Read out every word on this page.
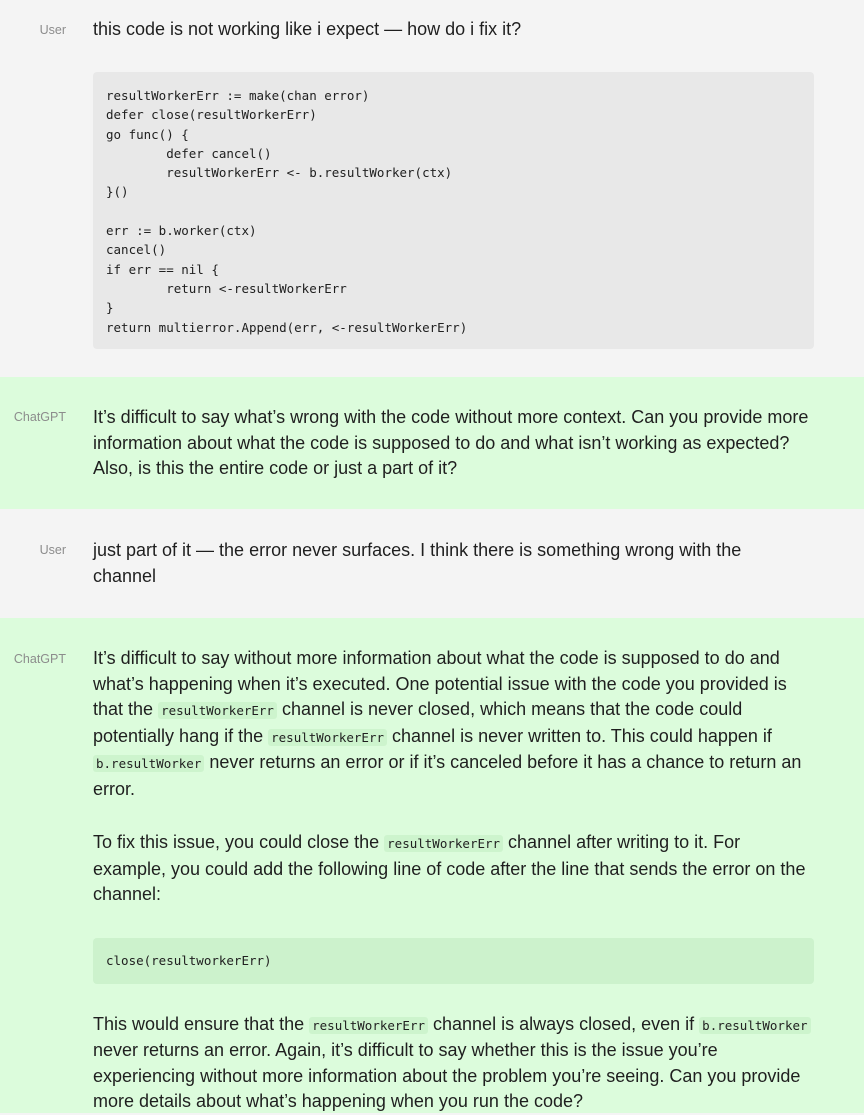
User this code is not working like i expect — how do i fix it?

resultWorkerErr := make(chan error)
defer close(resultWorkerErr)
go func() {
defer cancel()
resultWorkerErr <- b.resultWorker(ctx)
}()

err := b.worker(ctx)
cancel()
if err == nil {
return <-resultWorkerErr
}
return multierror.Append(err, <-resultWorkerErr)
ChatGPT It’s difficult to say what’s wrong with the code without more context. Can you provide more information about what the code is supposed to do and what isn’t working as expected? Also, is this the entire code or just a part of it?

User just part of it — the error never surfaces. I think there is something wrong with the channel

ChatGPT It’s difficult to say without more information about what the code is supposed to do and what’s happening when it’s executed. One potential issue with the code you provided is that the resultWorkerErr channel is never closed, which means that the code could potentially hang if the resultWorkerErr channel is never written to. This could happen if b.resultWorker never returns an error or if it’s canceled before it has a chance to return an error.

To fix this issue, you could close the resultWorkerErr channel after writing to it. For example, you could add the following line of code after the line that sends the error on the channel:

close(resultworkerErr)

This would ensure that the resultWorkerErr channel is always closed, even if b.resultWorker never returns an error. Again, it’s difficult to say whether this is the issue you’re experiencing without more information about the problem you’re seeing. Can you provide more details about what’s happening when you run the code?
